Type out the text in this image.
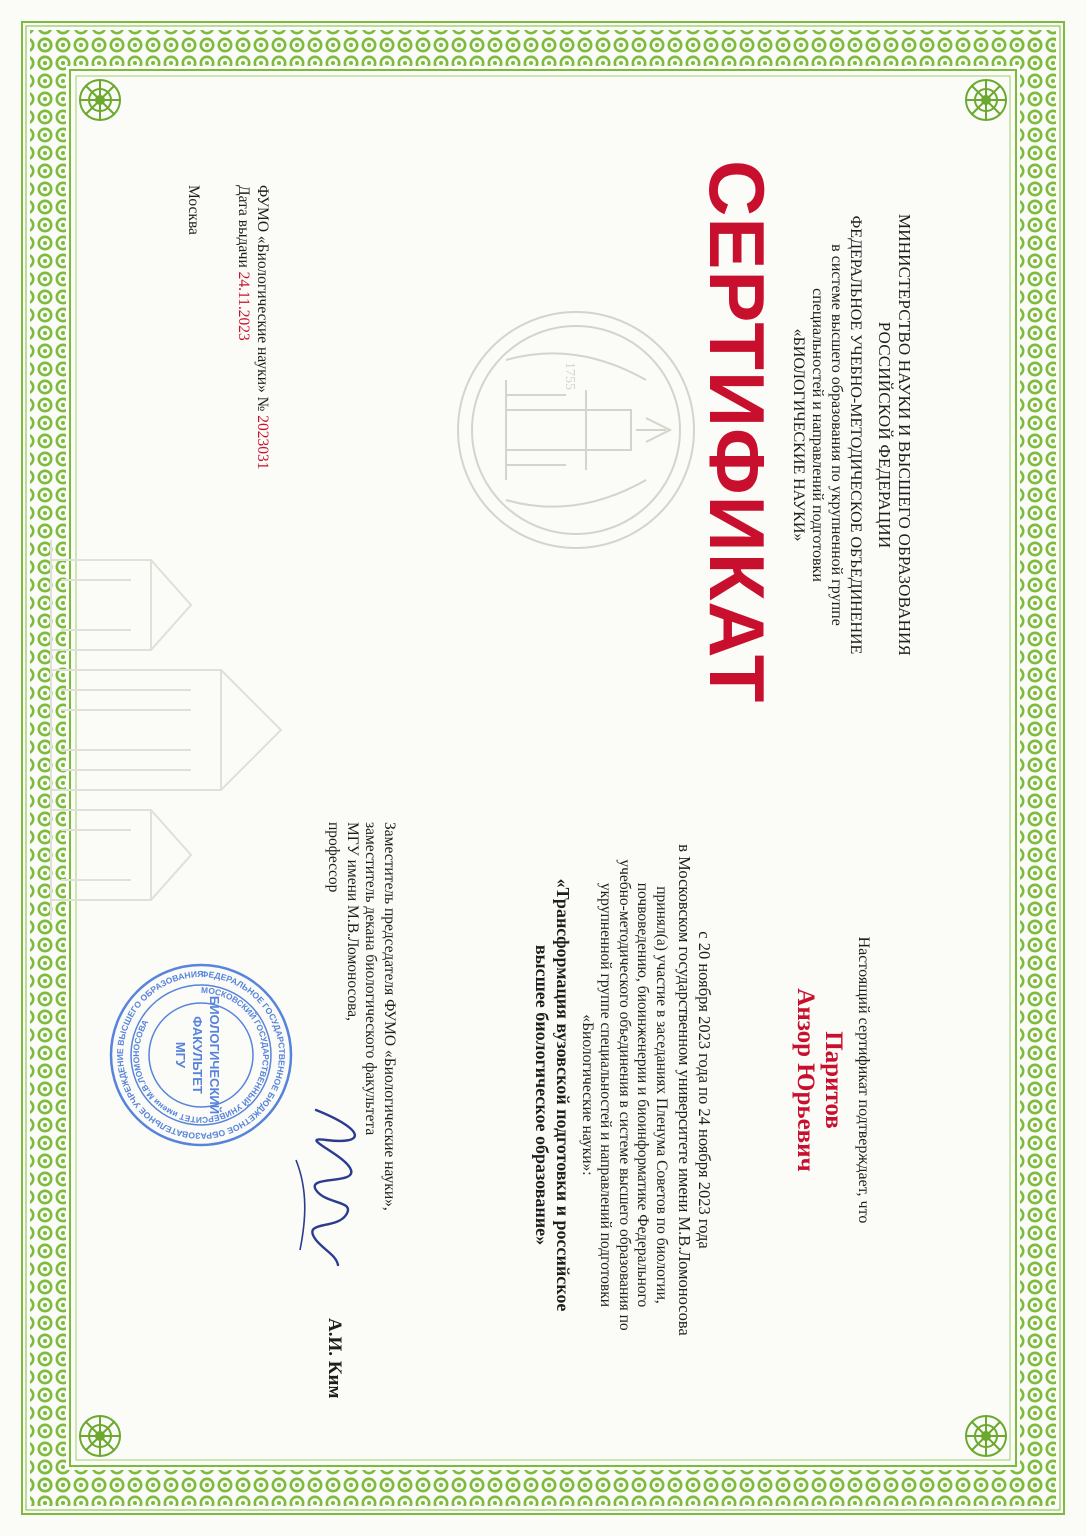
1755	МИНИСТЕРСТВО НАУКИ И ВЫСШЕГО ОБРАЗОВАНИЯ
РОССИЙСКОЙ ФЕДЕРАЦИИ
ФЕДЕРАЛЬНОЕ УЧЕБНО-МЕТОДИЧЕСКОЕ ОБЪЕДИНЕНИЕ
в системе высшего образования по укрупненной группе
специальностей и направлений подготовки
«БИОЛОГИЧЕСКИЕ НАУКИ»
СЕРТИФИКАТ
ФУМО «Биологические науки» № 2023031
Дата выдачи 24.11.2023
Москва
Настоящий сертификат подтверждает, что
Паритов
Анзор Юрьевич
с 20 ноября 2023 года по 24 ноября 2023 года
в Московском государственном университете имени М.В.Ломоносова
принял(а) участие в заседаниях Пленума Советов по биологии,
почвоведению, биоинженерии и биоинформатике Федерального
учебно-методического объединения в системе высшего образования по
укрупненной группе специальностей и направлений подготовки
«Биологические науки»:
«Трансформация вузовской подготовки и российское
высшее биологическое образование»
Заместитель председателя ФУМО «Биологические науки»,
заместитель декана биологического факультета
МГУ имени М.В.Ломоносова,
профессор
А.И. Ким
ФЕДЕРАЛЬНОЕ ГОСУДАРСТВЕННОЕ БЮДЖЕТНОЕ ОБРАЗОВАТЕЛЬНОЕ УЧРЕЖДЕНИЕ ВЫСШЕГО ОБРАЗОВАНИЯ
МОСКОВСКИЙ ГОСУДАРСТВЕННЫЙ УНИВЕРСИТЕТ имени М.В.ЛОМОНОСОВА	БИОЛОГИЧЕСКИЙ
ФАКУЛЬТЕТ
МГУ
